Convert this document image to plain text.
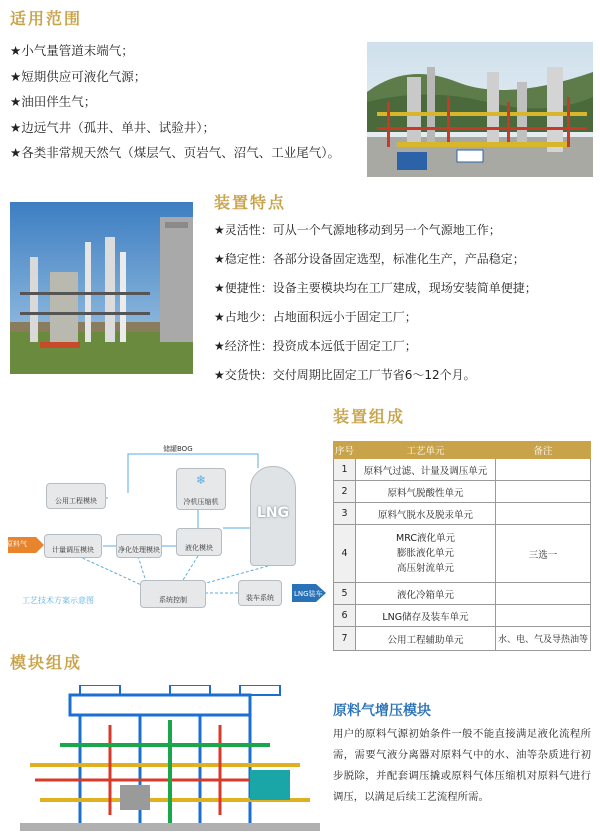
适用范围
★小气量管道末端气；
★短期供应可液化气源；
★油田伴生气；
★边远气井（孤井、单井、试验井）；
★各类非常规天然气（煤层气、页岩气、沼气、工业尾气）。
装置特点
★灵活性：可从一个气源地移动到另一个气源地工作；
★稳定性：各部分设备固定选型，标准化生产，产品稳定；
★便捷性：设备主要模块均在工厂建成，现场安装简单便捷；
★占地少：占地面积远小于固定工厂；
★经济性：投资成本远低于固定工厂；
★交货快：交付周期比固定工厂节省6～12个月。
装置组成
原料气
储罐BOG
公用工程模块
❄
冷机压缩机
计量调压模块	净化处理模块	液化模块
LNG
系统控制	装车系统	LNG装车
工艺技术方案示意图
序号	工艺单元	备注
1	原料气过滤、计量及调压单元	
2	原料气脱酸性单元	
3	原料气脱水及脱汞单元	
4	MRC液化单元
膨胀液化单元
高压射流单元	三选一
5	液化冷箱单元	
6	LNG储存及装车单元	
7	公用工程辅助单元	水、电、气及导热油等
模块组成
原料气增压模块
用户的原料气源初始条件一般不能直接满足液化流程所需，需要气液分离器对原料气中的水、油等杂质进行初步脱除，并配套调压撬或原料气体压缩机对原料气进行调压，以满足后续工艺流程所需。
